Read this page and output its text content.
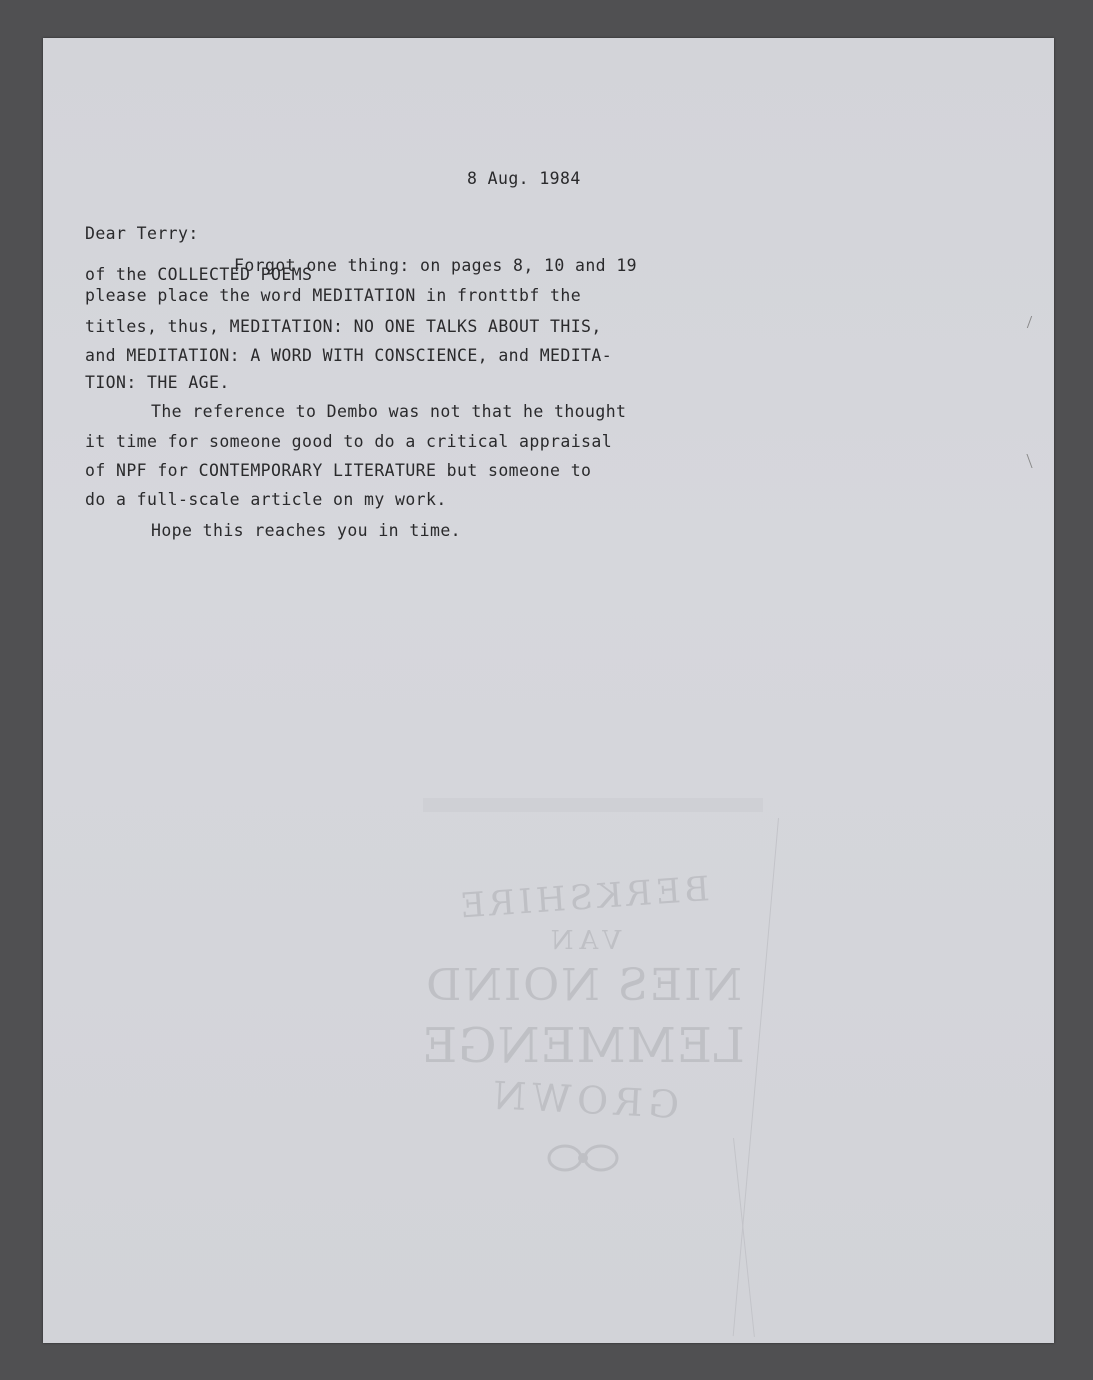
BERKSHIRE
VAN
NIES NOIND
LEMMENGE
GROWN
8 Aug. 1984
Dear Terry:
Forgot one thing: on pages 8, 10 and 19
of the COLLECTED POEMS
please place the word MEDITATION in fronttbf the
titles, thus, MEDITATION: NO ONE TALKS ABOUT THIS,
and MEDITATION: A WORD WITH CONSCIENCE, and MEDITA-
TION: THE AGE.
The reference to Dembo was not that he thought
it time for someone good to do a critical appraisal
of NPF for CONTEMPORARY LITERATURE but someone to
do a full-scale article on my work.
Hope this reaches you in time.
